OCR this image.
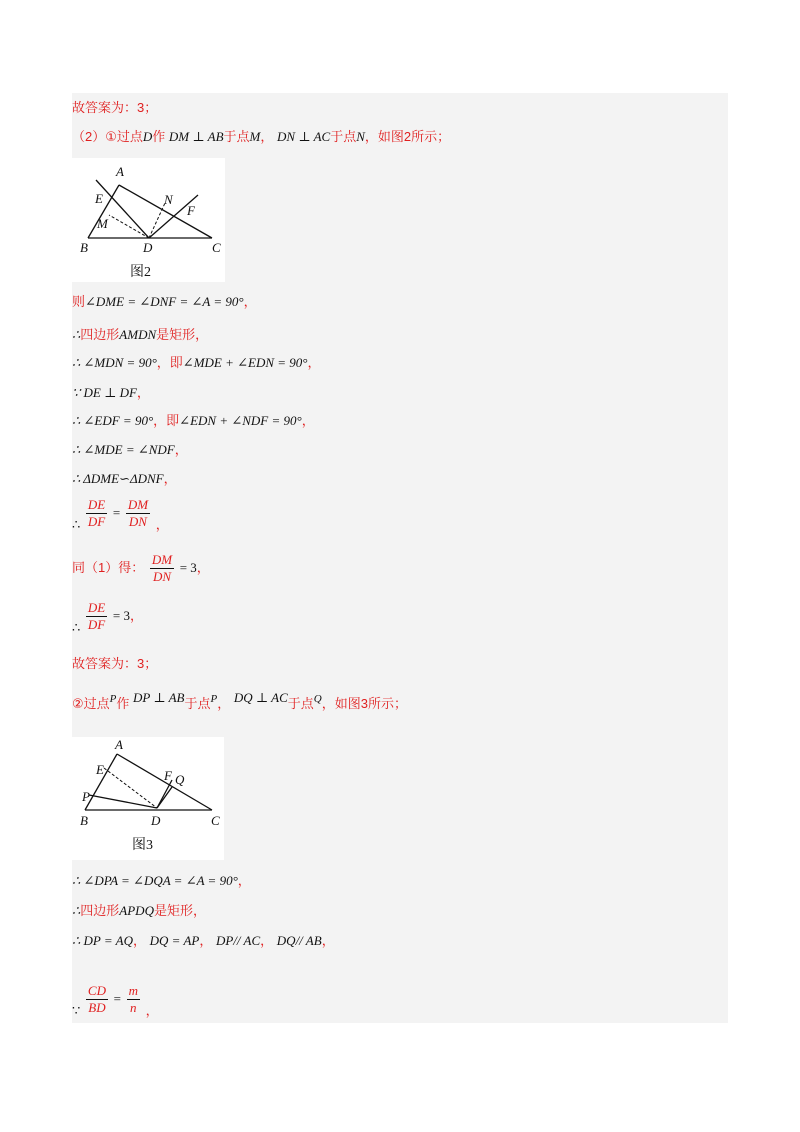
故答案为：3；
（2）①过点D作 DM ⊥ AB于点M， DN ⊥ AC于点N，如图2所示；
A
E
M
N
F
B	D	C
图2
则∠DME = ∠DNF = ∠A = 90°，
∴四边形AMDN是矩形，
∴ ∠MDN = 90°，即∠MDE + ∠EDN = 90°，
∵ DE ⊥ DF，
∴ ∠EDF = 90°，即∠EDN + ∠NDF = 90°，
∴ ∠MDE = ∠NDF，
∴ ΔDME∽ΔDNF，
∴ $\frac{DE}{DF} = \frac{DM}{DN}$ ，
同（1）得： $\frac{DM}{DN} = 3$，
∴ $\frac{DE}{DF} = 3$，
故答案为：3；
②过点$^P$作 DP ⊥ AB于点$^P$， DQ ⊥ AC于点$^Q$，如图3所示；
A
E	F Q
P
B	D	C
图3
∴ ∠DPA = ∠DQA = ∠A = 90°，
∴四边形APDQ是矩形，
∴ DP = AQ， DQ = AP， DP// AC， DQ// AB，
∵ $\frac{CD}{BD} = \frac{m}{n}$ ，
